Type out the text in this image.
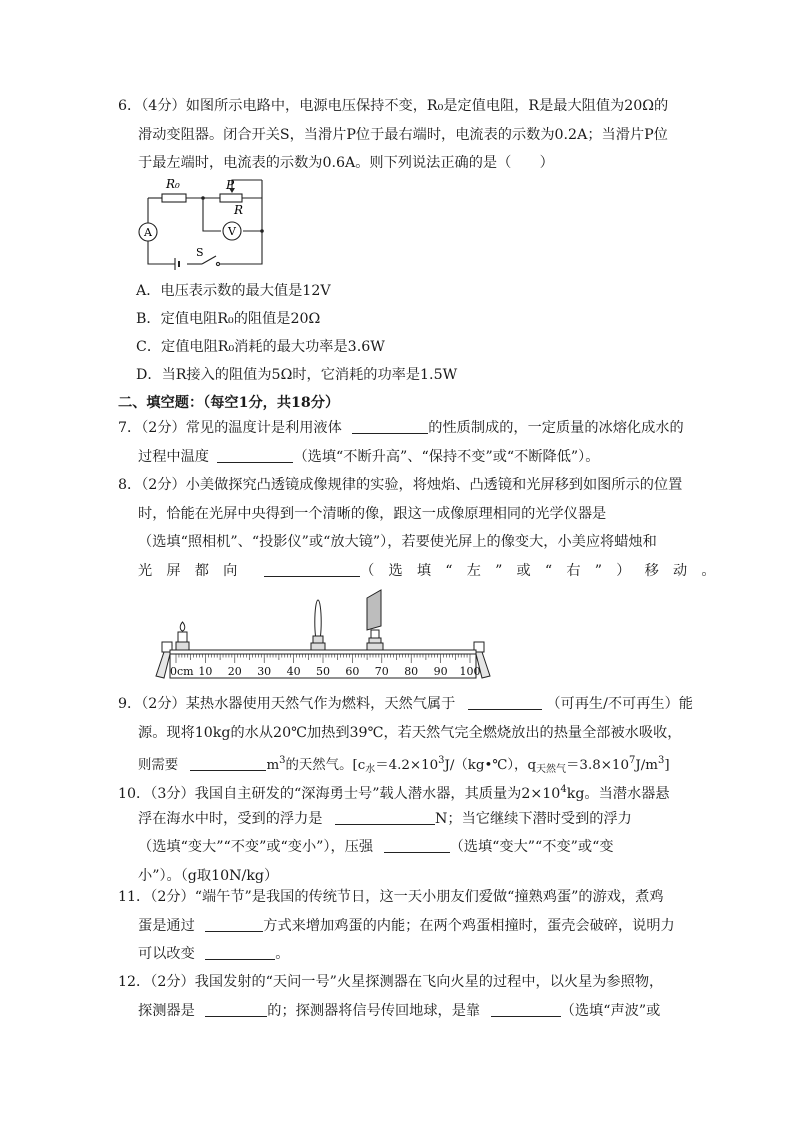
6．（4分）如图所示电路中，电源电压保持不变，R₀是定值电阻，R是最大阻值为20Ω的
滑动变阻器。闭合开关S，当滑片P位于最右端时，电流表的示数为0.2A；当滑片P位
于最左端时，电流表的示数为0.6A。则下列说法正确的是（　　）
R₀	P
R
A	V
S
A．电压表示数的最大值是12V
B．定值电阻R₀的阻值是20Ω
C．定值电阻R₀消耗的最大功率是3.6W
D．当R接入的阻值为5Ω时，它消耗的功率是1.5W
二、填空题：（每空1分，共18分）
7．（2分）常见的温度计是利用液体	的性质制成的，一定质量的冰熔化成水的
过程中温度	（选填“不断升高”、“保持不变”或“不断降低”）。
8．（2分）小美做探究凸透镜成像规律的实验，将烛焰、凸透镜和光屏移到如图所示的位置
时，恰能在光屏中央得到一个清晰的像，跟这一成像原理相同的光学仪器是
（选填“照相机”、“投影仪”或“放大镜”），若要使光屏上的像变大，小美应将蜡烛和
光屏都向	（选填“左”或“右”）移动。
0cm 10 20 30 40 50 60 70 80 90 100
9．（2分）某热水器使用天然气作为燃料，天然气属于	（可再生/不可再生）能
源。现将10kg的水从20℃加热到39℃，若天然气完全燃烧放出的热量全部被水吸收，
则需要	$m^3$的天然气。[$c_水=4.2\times 10^3J/(kg•℃)$，$q_{天然气}=3.8\times 10^7J/m^3$]
10．（3分）我国自主研发的“深海勇士号”载人潜水器，其质量为$2\times 10^4kg$。当潜水器悬
浮在海水中时，受到的浮力是	N；当它继续下潜时受到的浮力
（选填“变大”“不变”或“变小”），压强	（选填“变大”“不变”或“变
小”）。（g取10N/kg）
11．（2分）“端午节”是我国的传统节日，这一天小朋友们爱做“撞熟鸡蛋”的游戏，煮鸡
蛋是通过	方式来增加鸡蛋的内能；在两个鸡蛋相撞时，蛋壳会破碎，说明力
可以改变	。
12．（2分）我国发射的“天问一号”火星探测器在飞向火星的过程中，以火星为参照物，
探测器是	的；探测器将信号传回地球，是靠	（选填“声波”或
